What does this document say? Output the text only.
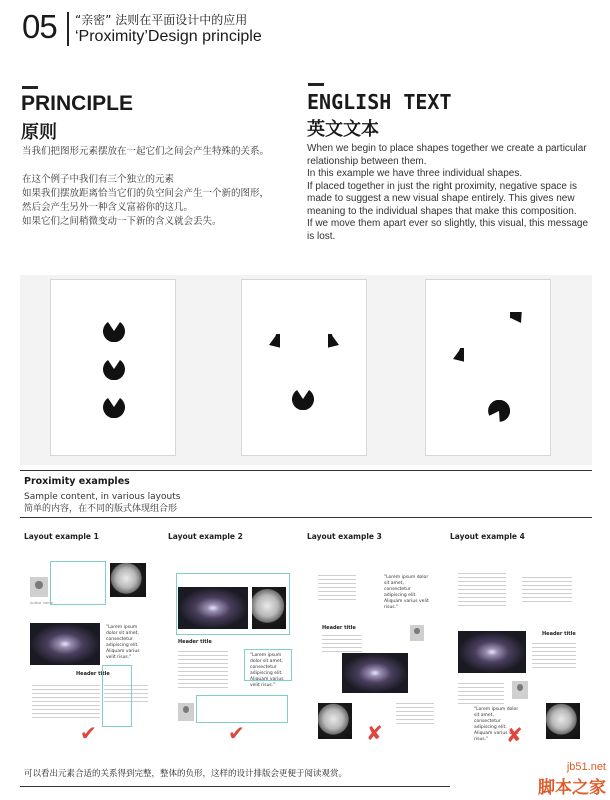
05 “亲密” 法则在平面设计中的应用
‘Proximity’Design principle
PRINCIPLE
原则

当我们把图形元素摆放在一起它们之间会产生特殊的关系。

在这个例子中我们有三个独立的元素
如果我们摆放距离恰当它们的负空间会产生一个新的图形，然后会产生另外一种含义富裕你的这几。
如果它们之间稍微变动一下新的含义就会丢失。

ENGLISH TEXT
英文文本
When we begin to place shapes together we create a particular relationship between them.
In this example we have three individual shapes.
If placed together in just the right proximity, negative space is made to suggest a new visual shape entirely. This gives new meaning to the individual shapes that make this composition.
If we move them apart ever so slightly, this visual, this message is lost.
Proximity examples
Sample content, in various layouts
简单的内容，在不同的版式体现组合形
Layout example 1	Layout example 2	Layout example 3	Layout example 4
Author name
"Lorem ipsum dolor sit amet, consectetur adipiscing elit. Aliquam varius velit risus."
Header title
✔
Header title
"Lorem ipsum dolor sit amet, consectetur adipiscing elit. Aliquam varius velit risus."
✔
"Lorem ipsum dolor sit amet, consectetur adipiscing elit. Aliquam varius velit risus."
Header title
✘
Header title
"Lorem ipsum dolor sit amet, consectetur adipiscing elit. Aliquam varius velit risus." ✘
可以看出元素合适的关系得到完整，整体的负形，这样的设计排版会更便于阅读观赏。
jb51.net
脚本之家
